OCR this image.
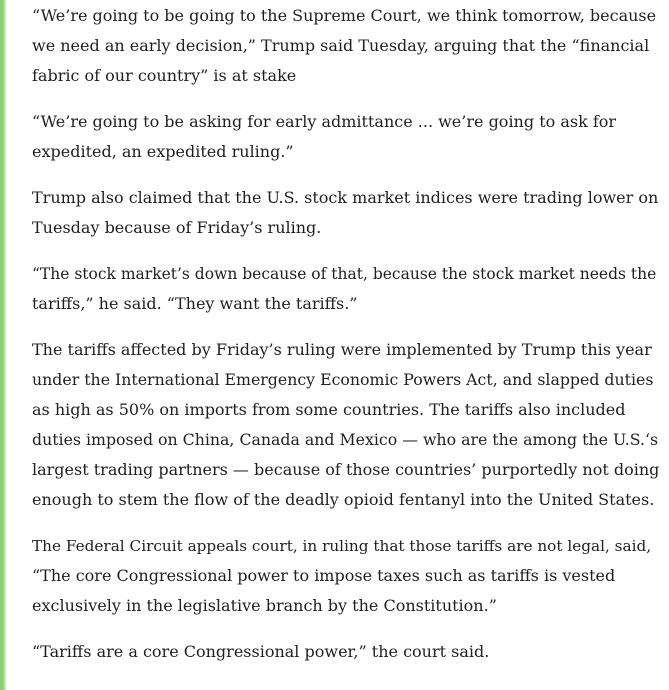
“We’re going to be going to the Supreme Court, we think tomorrow, because
we need an early decision,” Trump said Tuesday, arguing that the “financial
fabric of our country” is at stake

“We’re going to be asking for early admittance ... we’re going to ask for
expedited, an expedited ruling.”

Trump also claimed that the U.S. stock market indices were trading lower on
Tuesday because of Friday’s ruling.

“The stock market’s down because of that, because the stock market needs the
tariffs,” he said. “They want the tariffs.”

The tariffs affected by Friday’s ruling were implemented by Trump this year
under the International Emergency Economic Powers Act, and slapped duties
as high as 50% on imports from some countries. The tariffs also included
duties imposed on China, Canada and Mexico — who are the among the U.S.‘s
largest trading partners — because of those countries’ purportedly not doing
enough to stem the flow of the deadly opioid fentanyl into the United States.

The Federal Circuit appeals court, in ruling that those tariffs are not legal, said,
“The core Congressional power to impose taxes such as tariffs is vested
exclusively in the legislative branch by the Constitution.”

“Tariffs are a core Congressional power,” the court said.
